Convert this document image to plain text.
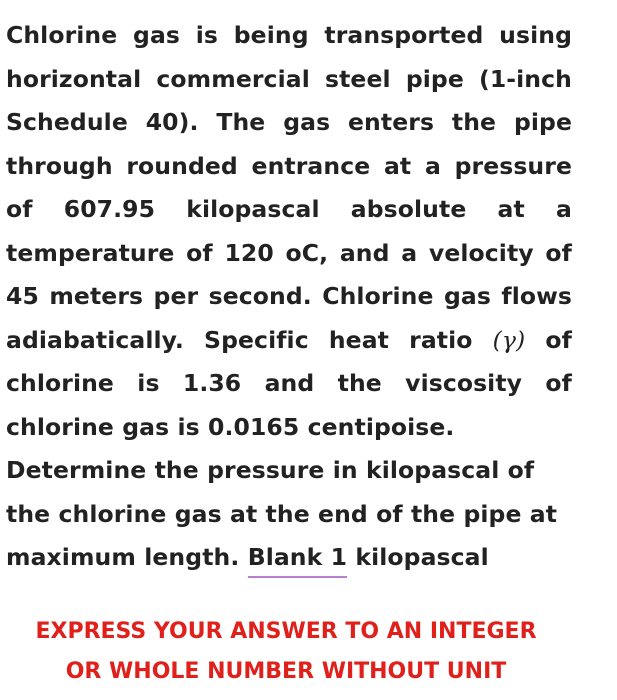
Chlorine gas is being transported using horizontal commercial steel pipe (1-inch Schedule 40). The gas enters the pipe through rounded entrance at a pressure of 607.95 kilopascal absolute at a temperature of 120 oC, and a velocity of 45 meters per second. Chlorine gas flows adiabatically. Specific heat ratio (γ) of chlorine is 1.36 and the viscosity of chlorine gas is 0.0165 centipoise.

Determine the pressure in kilopascal of the chlorine gas at the end of the pipe at maximum length. Blank 1 kilopascal

EXPRESS YOUR ANSWER TO AN INTEGER
OR WHOLE NUMBER WITHOUT UNIT
